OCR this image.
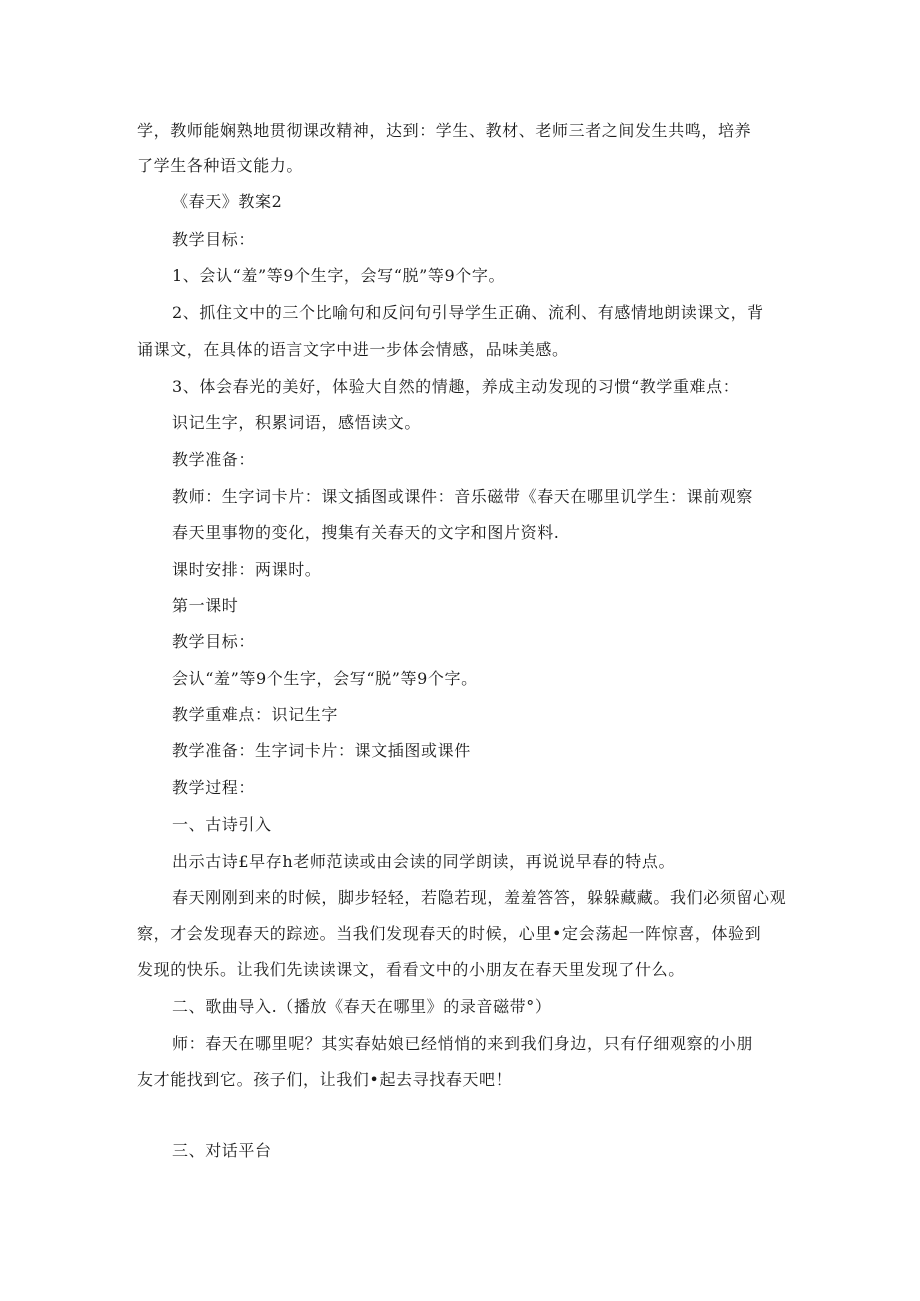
学，教师能娴熟地贯彻课改精神，达到：学生、教材、老师三者之间发生共鸣，培养
了学生各种语文能力。
《春天》教案2
教学目标：
1、会认“羞”等9个生字，会写“脱”等9个字。
2、抓住文中的三个比喻句和反问句引导学生正确、流利、有感情地朗读课文，背
诵课文，在具体的语言文字中进一步体会情感，品味美感。
3、体会春光的美好，体验大自然的情趣，养成主动发现的习惯“教学重难点：
识记生字，积累词语，感悟读文。
教学准备：
教师：生字词卡片：课文插图或课件：音乐磁带《春天在哪里讥学生：课前观察
春天里事物的变化，搜集有关春天的文字和图片资料.
课时安排：两课时。
第一课时
教学目标：
会认“羞”等9个生字，会写“脱”等9个字。
教学重难点：识记生字
教学准备：生字词卡片：课文插图或课件
教学过程：
一、古诗引入
出示古诗£早存h老师范读或由会读的同学朗读，再说说早春的特点。
春天刚刚到来的时候，脚步轻轻，若隐若现，羞羞答答，躲躲藏藏。我们必须留心观
察，才会发现春天的踪迹。当我们发现春天的时候，心里•定会荡起一阵惊喜，体验到
发现的快乐。让我们先读读课文，看看文中的小朋友在春天里发现了什么。
二、歌曲导入.（播放《春天在哪里》的录音磁带°）
师：春天在哪里呢？其实春姑娘已经悄悄的来到我们身边，只有仔细观察的小朋
友才能找到它。孩子们，让我们•起去寻找春天吧！
三、对话平台
